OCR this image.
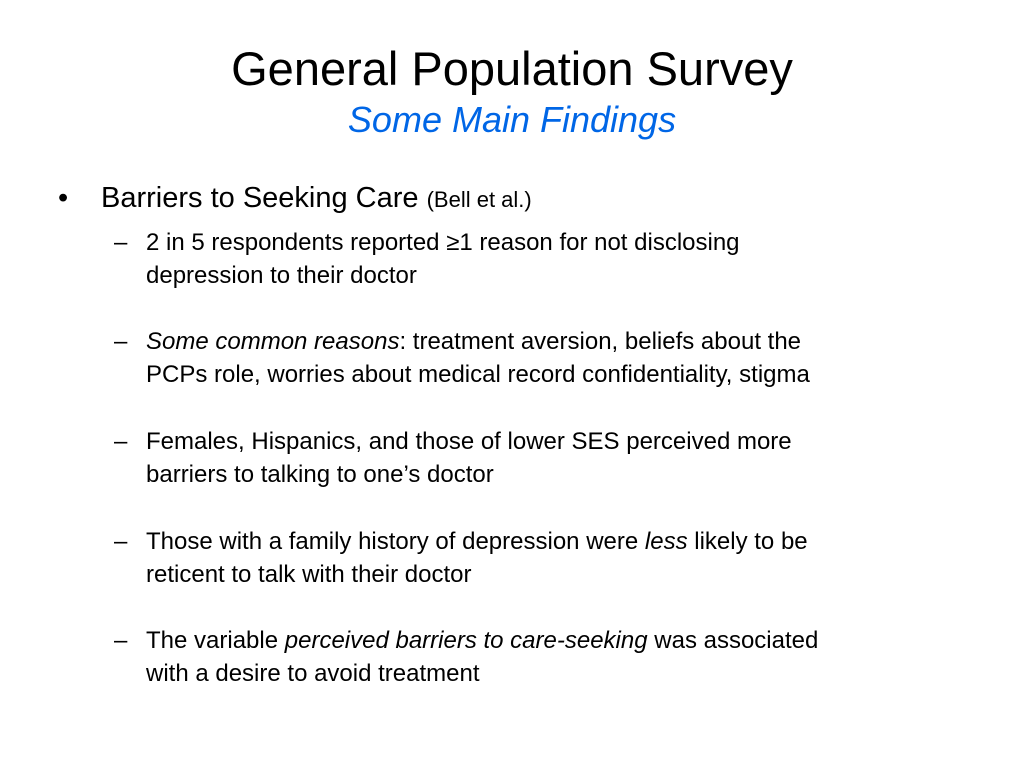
General Population Survey
Some Main Findings
• Barriers to Seeking Care (Bell et al.)
– 2 in 5 respondents reported ≥1 reason for not disclosing
depression to their doctor
– Some common reasons: treatment aversion, beliefs about the
PCPs role, worries about medical record confidentiality, stigma
– Females, Hispanics, and those of lower SES perceived more
barriers to talking to one’s doctor
– Those with a family history of depression were less likely to be
reticent to talk with their doctor
– The variable perceived barriers to care-seeking was associated
with a desire to avoid treatment
